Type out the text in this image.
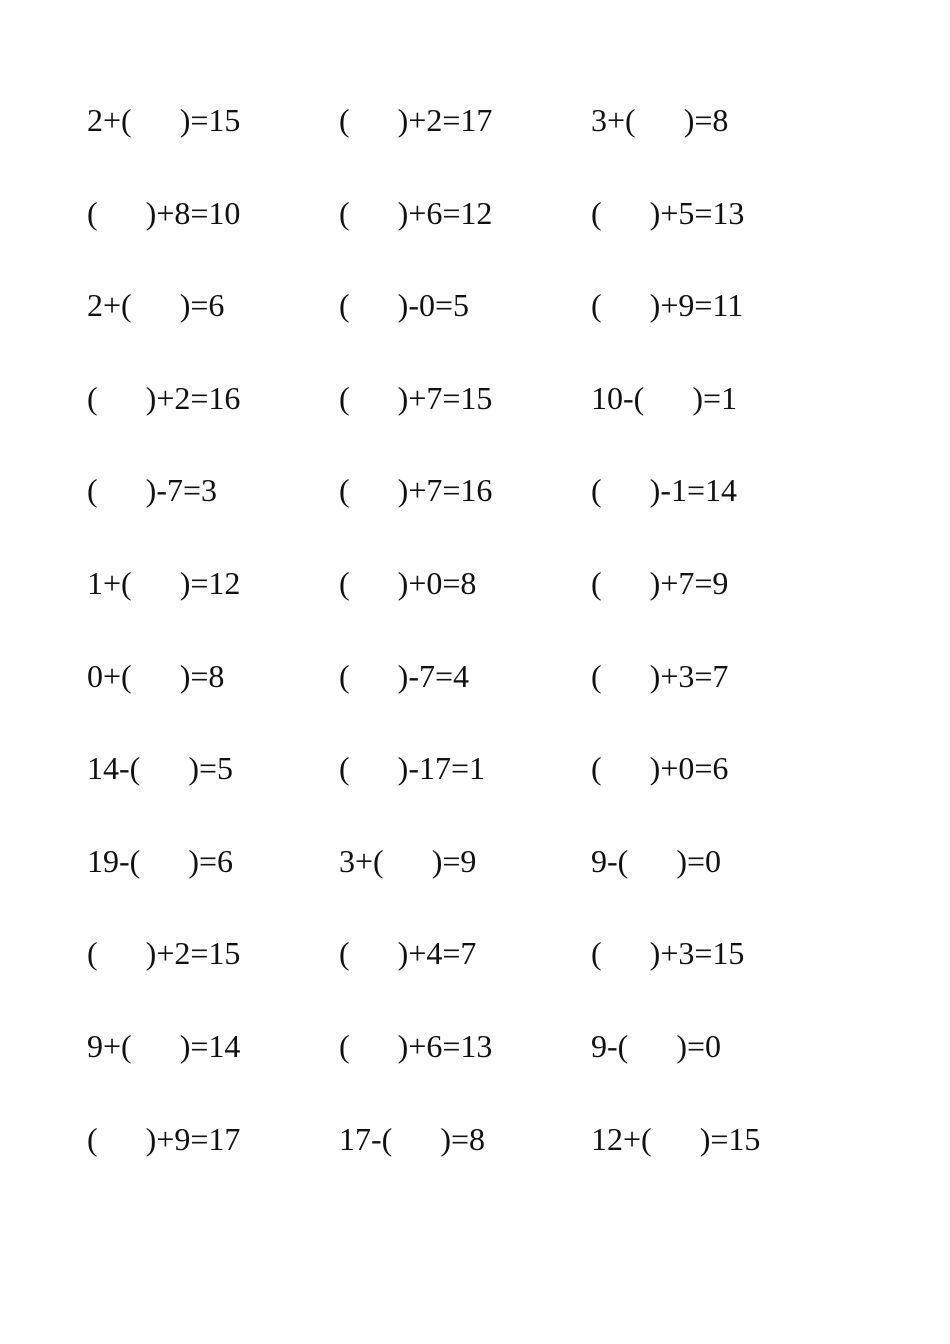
2+(      )=15	(      )+2=17	3+(      )=8
(      )+8=10	(      )+6=12	(      )+5=13
2+(      )=6	(      )-0=5	(      )+9=11
(      )+2=16	(      )+7=15	10-(      )=1
(      )-7=3	(      )+7=16	(      )-1=14
1+(      )=12	(      )+0=8	(      )+7=9
0+(      )=8	(      )-7=4	(      )+3=7
14-(      )=5	(      )-17=1	(      )+0=6
19-(      )=6	3+(      )=9	9-(      )=0
(      )+2=15	(      )+4=7	(      )+3=15
9+(      )=14	(      )+6=13	9-(      )=0
(      )+9=17	17-(      )=8	12+(      )=15
